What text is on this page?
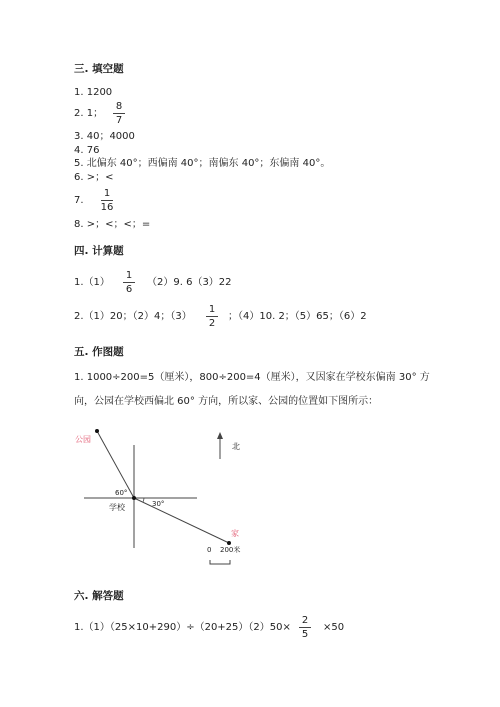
三. 填空题
1. 1200
2. 1；
8
7
3. 40；4000
4. 76
5. 北偏东 40°；西偏南 40°；南偏东 40°；东偏南 40°。
6. >；<
7.
1
16
8. >；<；<；=
四. 计算题
1.（1）
1
6
（2）9. 6（3）22
2.（1）20；（2）4；（3）
1
2
；（4）10. 2；（5）65；（6）2
五. 作图题
1. 1000÷200=5（厘米），800÷200=4（厘米），又因家在学校东偏南 30° 方
向，公园在学校西偏北 60° 方向，所以家、公园的位置如下图所示：
公园
家
学校
北
60°
30°
0 200米
六. 解答题
1.（1）（25×10+290）÷（20+25）（2）50×
2
5
×50
